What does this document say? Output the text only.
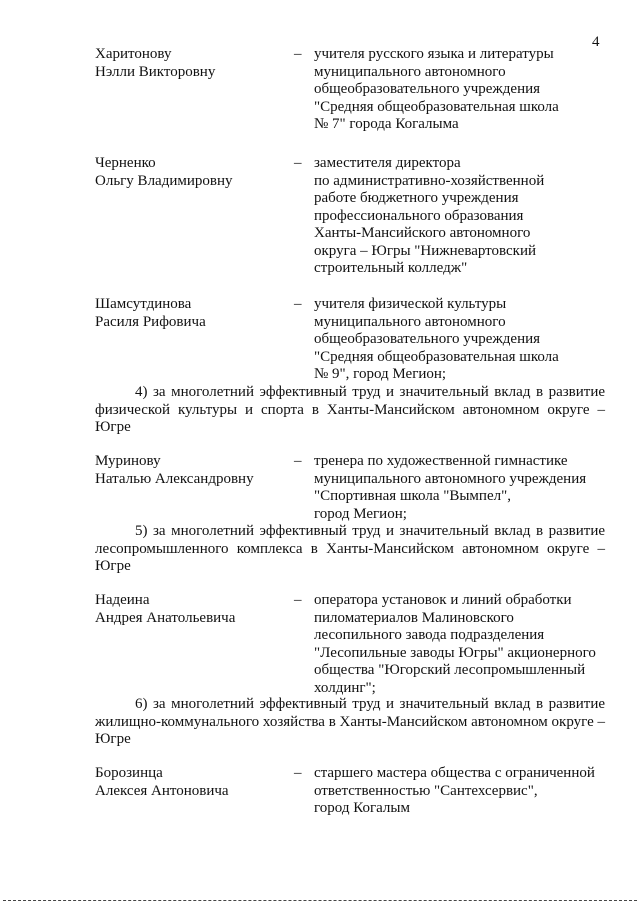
4
Харитонову
Нэлли Викторовну
– учителя русского языка и литературы
муниципального автономного
общеобразовательного учреждения
"Средняя общеобразовательная школа
№ 7" города Когалыма
Черненко
Ольгу Владимировну
– заместителя директора
по административно-хозяйственной
работе бюджетного учреждения
профессионального образования
Ханты-Мансийского автономного
округа – Югры "Нижневартовский
строительный колледж"
Шамсутдинова
Расиля Рифовича
– учителя физической культуры
муниципального автономного
общеобразовательного учреждения
"Средняя общеобразовательная школа
№ 9", город Мегион;
4) за многолетний эффективный труд и значительный вклад в развитие
физической культуры и спорта в Ханты-Мансийском автономном округе –
Югре
Муринову
Наталью Александровну
– тренера по художественной гимнастике
муниципального автономного учреждения
"Спортивная школа "Вымпел",
город Мегион;
5) за многолетний эффективный труд и значительный вклад в развитие
лесопромышленного комплекса в Ханты-Мансийском автономном округе –
Югре
Надеина
Андрея Анатольевича
– оператора установок и линий обработки
пиломатериалов Малиновского
лесопильного завода подразделения
"Лесопильные заводы Югры" акционерного
общества "Югорский лесопромышленный
холдинг";
6) за многолетний эффективный труд и значительный вклад в развитие
жилищно-коммунального хозяйства в Ханты-Мансийском автономном округе –
Югре
Борозинца
Алексея Антоновича
– старшего мастера общества с ограниченной
ответственностью "Сантехсервис",
город Когалым
